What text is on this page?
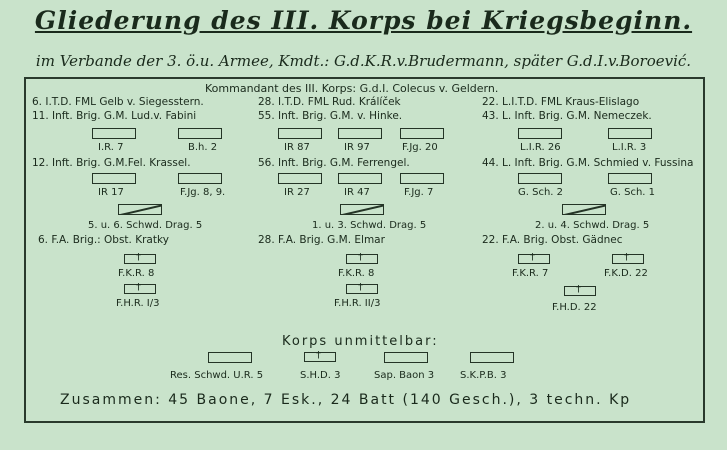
Gliederung des III. Korps bei Kriegsbeginn.
im Verbande der 3. ö.u. Armee, Kmdt.: G.d.K.R.v.Brudermann, später G.d.I.v.Boroević.
Kommandant des III. Korps: G.d.I. Colecus v. Geldern.
6. I.T.D. FML Gelb v. Siegesstern.
11. Inft. Brig. G.M. Lud.v. Fabini
I.R. 7	B.h. 2
12. Inft. Brig. G.M.Fel. Krassel.
IR 17	F.Jg. 8, 9.
5. u. 6. Schwd. Drag. 5
6. F.A. Brig.: Obst. Kratky
†
F.K.R. 8
†
F.H.R. I/3
28. I.T.D. FML Rud. Králíček
55. Inft. Brig. G.M. v. Hinke.
IR 87	IR 97	F.Jg. 20
56. Inft. Brig. G.M. Ferrengel.
IR 27	IR 47	F.Jg. 7
1. u. 3. Schwd. Drag. 5
28. F.A. Brig. G.M. Elmar
†
F.K.R. 8
†
F.H.R. II/3
22. L.I.T.D. FML Kraus-Elislago
43. L. Inft. Brig. G.M. Nemeczek.
L.I.R. 26	L.I.R. 3
44. L. Inft. Brig. G.M. Schmied v. Fussina
G. Sch. 2	G. Sch. 1
2. u. 4. Schwd. Drag. 5
22. F.A. Brig. Obst. Gädnec
†
F.K.R. 7
†	F.K.D. 22
†
F.H.D. 22
Korps unmittelbar:
†
Res. Schwd. U.R. 5	S.H.D. 3	Sap. Baon 3	S.K.P.B. 3
Zusammen: 45 Baone, 7 Esk., 24 Batt (140 Gesch.), 3 techn. Kp
